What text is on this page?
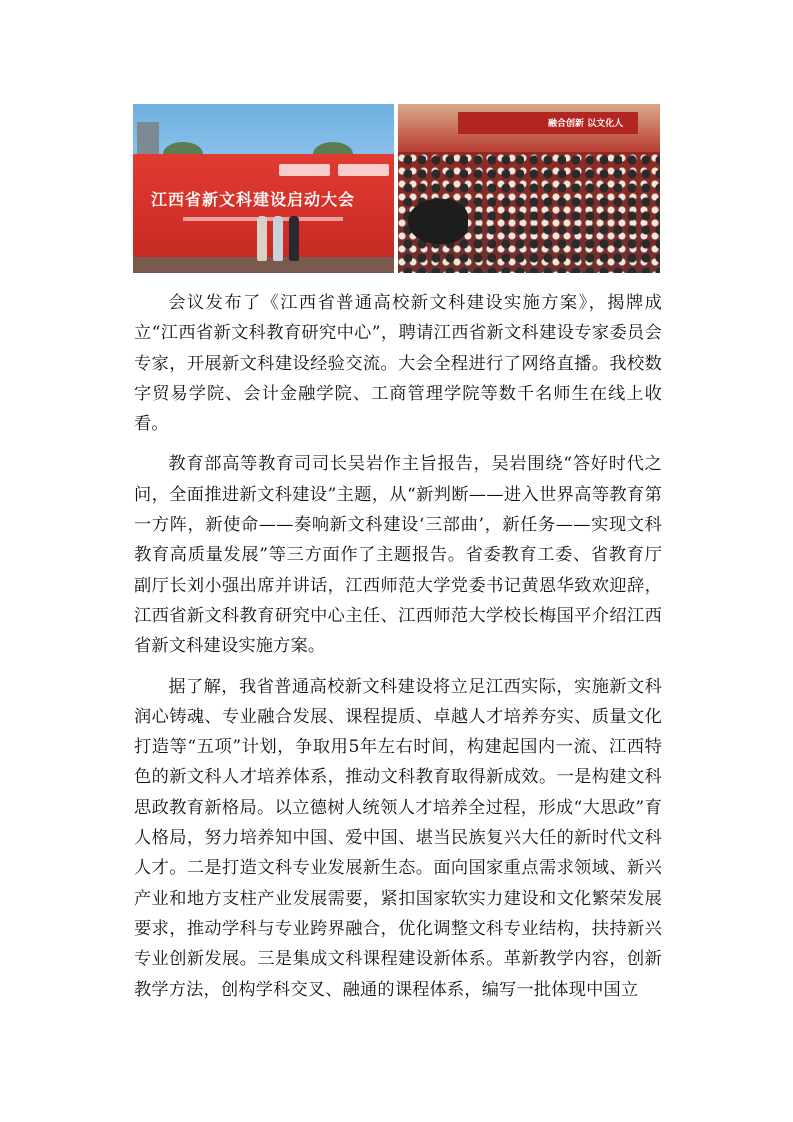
江西省新文科建设启动大会
融合创新 以文化人

会议发布了《江西省普通高校新文科建设实施方案》，揭牌成立“江西省新文科教育研究中心”，聘请江西省新文科建设专家委员会专家，开展新文科建设经验交流。大会全程进行了网络直播。我校数字贸易学院、会计金融学院、工商管理学院等数千名师生在线上收看。

教育部高等教育司司长吴岩作主旨报告，吴岩围绕“答好时代之问，全面推进新文科建设”主题，从“新判断——进入世界高等教育第一方阵，新使命——奏响新文科建设‘三部曲’，新任务——实现文科教育高质量发展”等三方面作了主题报告。省委教育工委、省教育厅副厅长刘小强出席并讲话，江西师范大学党委书记黄恩华致欢迎辞，江西省新文科教育研究中心主任、江西师范大学校长梅国平介绍江西省新文科建设实施方案。

据了解，我省普通高校新文科建设将立足江西实际，实施新文科润心铸魂、专业融合发展、课程提质、卓越人才培养夯实、质量文化打造等“五项”计划，争取用5年左右时间，构建起国内一流、江西特色的新文科人才培养体系，推动文科教育取得新成效。一是构建文科思政教育新格局。以立德树人统领人才培养全过程，形成“大思政”育人格局，努力培养知中国、爱中国、堪当民族复兴大任的新时代文科人才。二是打造文科专业发展新生态。面向国家重点需求领域、新兴产业和地方支柱产业发展需要，紧扣国家软实力建设和文化繁荣发展要求，推动学科与专业跨界融合，优化调整文科专业结构，扶持新兴专业创新发展。三是集成文科课程建设新体系。革新教学内容，创新教学方法，创构学科交叉、融通的课程体系，编写一批体现中国立
